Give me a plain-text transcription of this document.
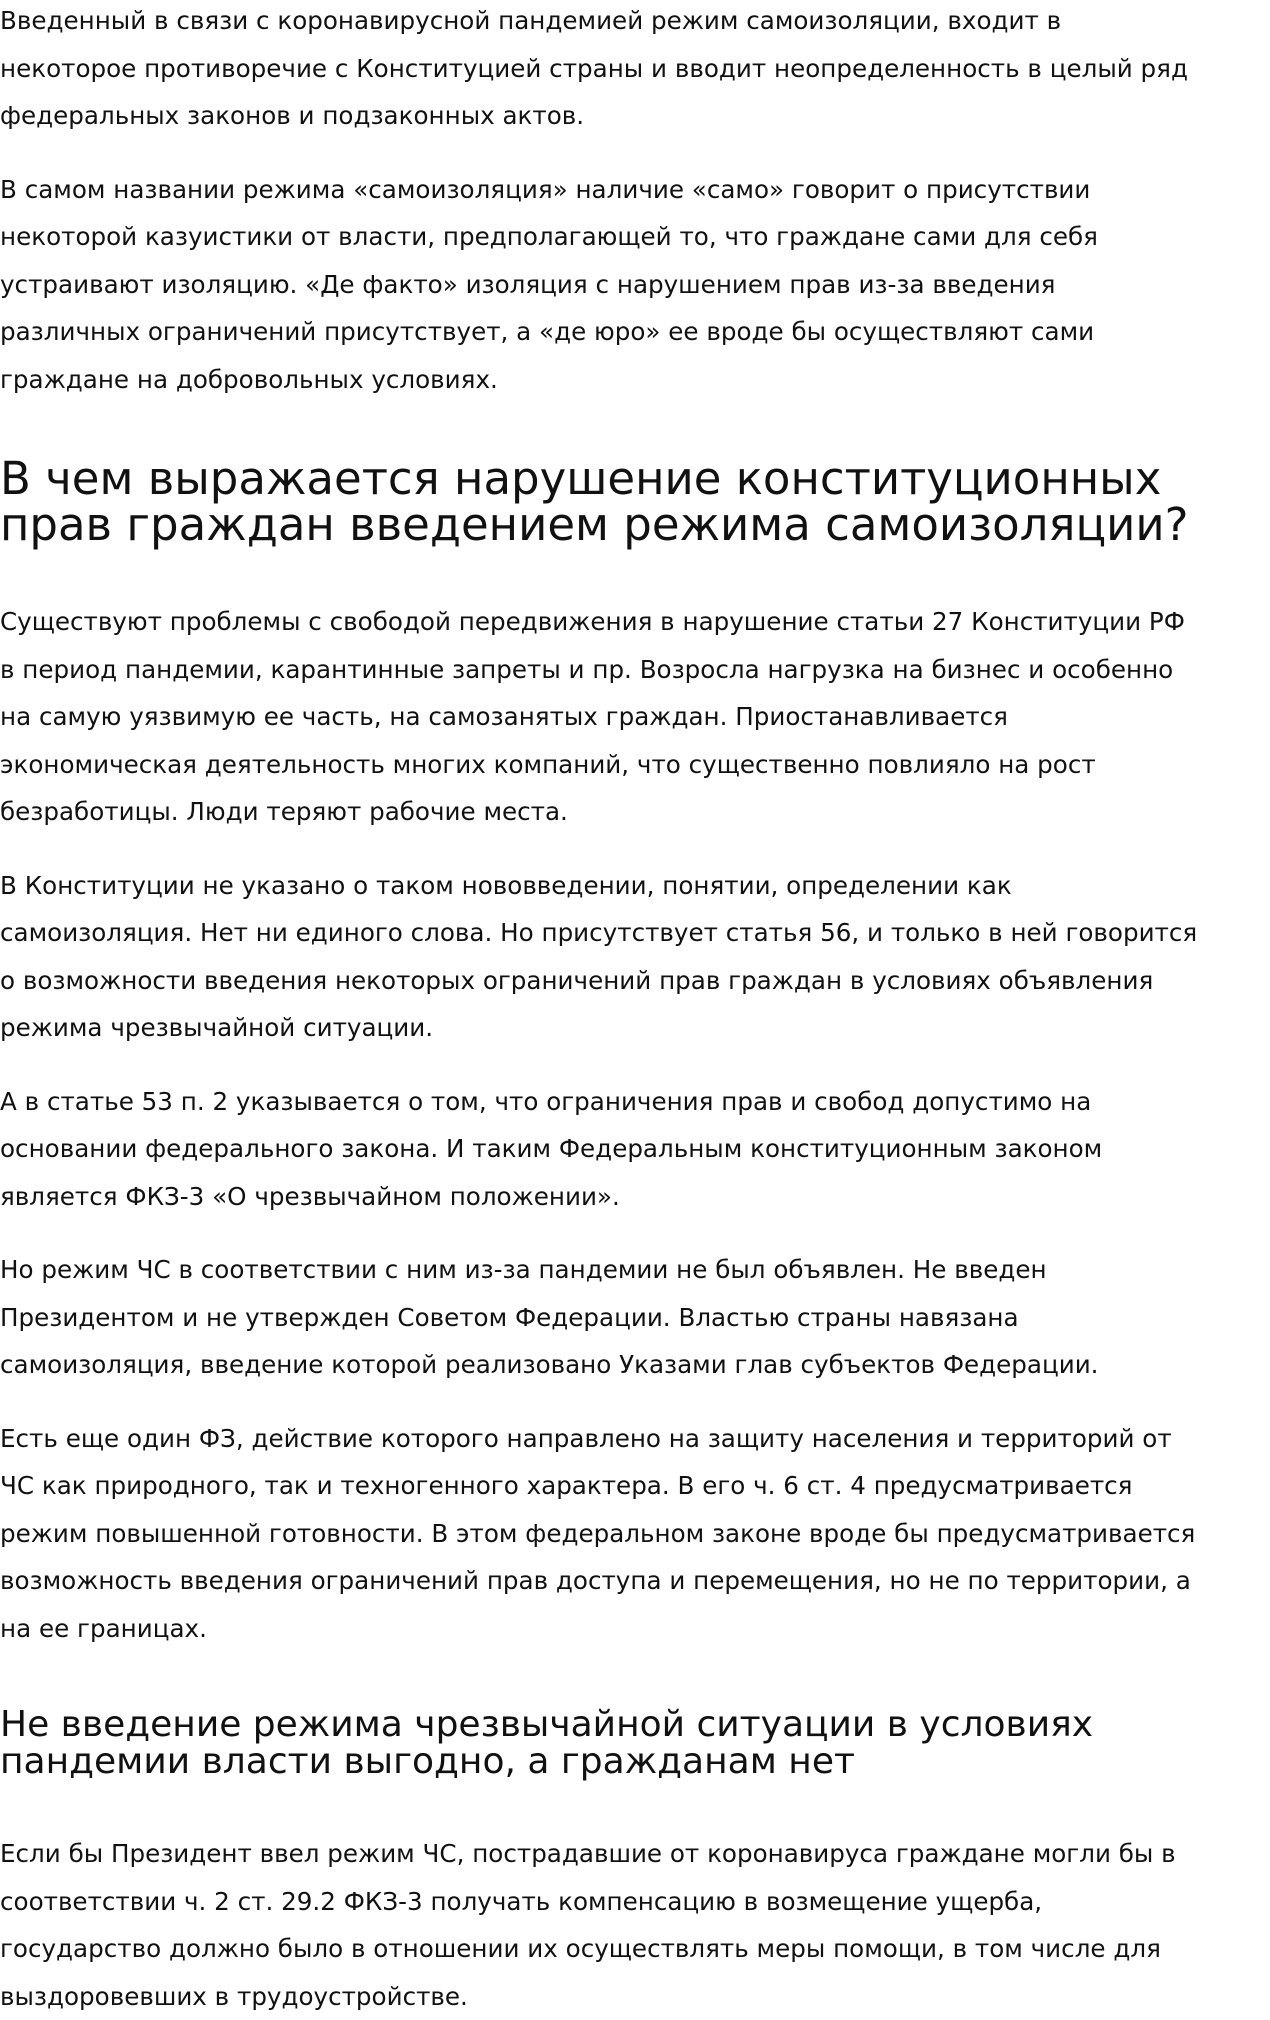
Введенный в связи с коронавирусной пандемией режим самоизоляции, входит в
некоторое противоречие с Конституцией страны и вводит неопределенность в целый ряд
федеральных законов и подзаконных актов.

В самом названии режима «самоизоляция» наличие «само» говорит о присутствии
некоторой казуистики от власти, предполагающей то, что граждане сами для себя
устраивают изоляцию. «Де факто» изоляция с нарушением прав из-за введения
различных ограничений присутствует, а «де юро» ее вроде бы осуществляют сами
граждане на добровольных условиях.

В чем выражается нарушение конституционных
прав граждан введением режима самоизоляции?

Существуют проблемы с свободой передвижения в нарушение статьи 27 Конституции РФ
в период пандемии, карантинные запреты и пр. Возросла нагрузка на бизнес и особенно
на самую уязвимую ее часть, на самозанятых граждан. Приостанавливается
экономическая деятельность многих компаний, что существенно повлияло на рост
безработицы. Люди теряют рабочие места.

В Конституции не указано о таком нововведении, понятии, определении как
самоизоляция. Нет ни единого слова. Но присутствует статья 56, и только в ней говорится
о возможности введения некоторых ограничений прав граждан в условиях объявления
режима чрезвычайной ситуации.

А в статье 53 п. 2 указывается о том, что ограничения прав и свобод допустимо на
основании федерального закона. И таким Федеральным конституционным законом
является ФКЗ-3 «О чрезвычайном положении».

Но режим ЧС в соответствии с ним из-за пандемии не был объявлен. Не введен
Президентом и не утвержден Советом Федерации. Властью страны навязана
самоизоляция, введение которой реализовано Указами глав субъектов Федерации.

Есть еще один ФЗ, действие которого направлено на защиту населения и территорий от
ЧС как природного, так и техногенного характера. В его ч. 6 ст. 4 предусматривается
режим повышенной готовности. В этом федеральном законе вроде бы предусматривается
возможность введения ограничений прав доступа и перемещения, но не по территории, а
на ее границах.

Не введение режима чрезвычайной ситуации в условиях
пандемии власти выгодно, а гражданам нет

Если бы Президент ввел режим ЧС, пострадавшие от коронавируса граждане могли бы в
соответствии ч. 2 ст. 29.2 ФКЗ-3 получать компенсацию в возмещение ущерба,
государство должно было в отношении их осуществлять меры помощи, в том числе для
выздоровевших в трудоустройстве.
